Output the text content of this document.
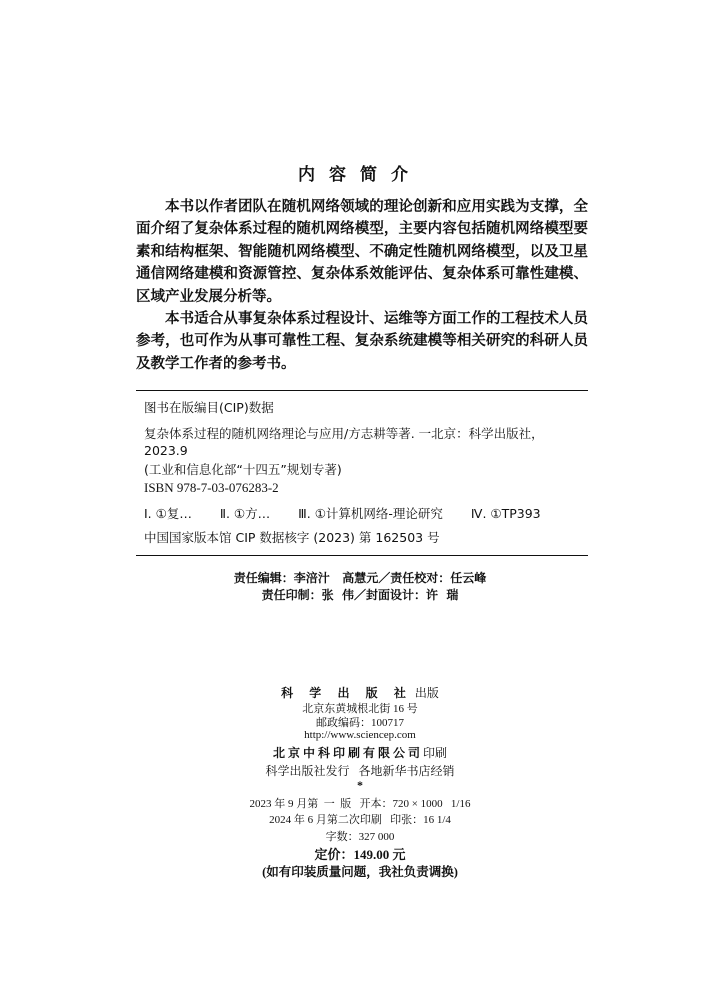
内容简介

本书以作者团队在随机网络领域的理论创新和应用实践为支撑，全面介绍了复杂体系过程的随机网络模型，主要内容包括随机网络模型要素和结构框架、智能随机网络模型、不确定性随机网络模型，以及卫星通信网络建模和资源管控、复杂体系效能评估、复杂体系可靠性建模、区域产业发展分析等。

本书适合从事复杂体系过程设计、运维等方面工作的工程技术人员参考，也可作为从事可靠性工程、复杂系统建模等相关研究的科研人员及教学工作者的参考书。

图书在版编目(CIP)数据
复杂体系过程的随机网络理论与应用/方志耕等著. 一北京：科学出版社，
2023.9
(工业和信息化部“十四五”规划专著)
ISBN 978-7-03-076283-2
Ⅰ. ①复… Ⅱ. ①方… Ⅲ. ①计算机网络-理论研究 Ⅳ. ①TP393
中国国家版本馆 CIP 数据核字 (2023) 第 162503 号
责任编辑：李涪汁   高慧元／责任校对：任云峰
责任印制：张  伟／封面设计：许  瑞
科 学 出 版 社 出版
北京东黄城根北街 16 号
邮政编码：100717
http://www.sciencep.com
北京中科印刷有限公司印刷
科学出版社发行   各地新华书店经销
*
2023 年 9 月第  一  版   开本：720 × 1000   1/16
2024 年 6 月第二次印刷   印张：16 1/4
字数：327 000
定价：149.00 元
(如有印装质量问题，我社负责调换)
